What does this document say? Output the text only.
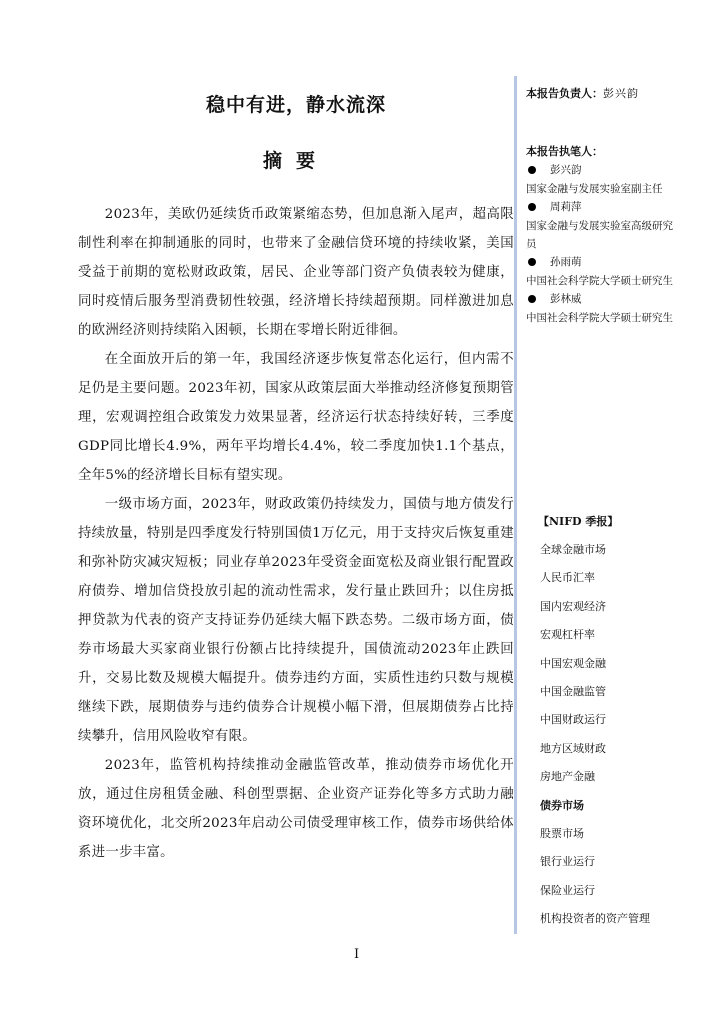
稳中有进，静水流深
摘要

2023年，美欧仍延续货币政策紧缩态势，但加息渐入尾声，超高限制性利率在抑制通胀的同时，也带来了金融信贷环境的持续收紧，美国受益于前期的宽松财政政策，居民、企业等部门资产负债表较为健康，同时疫情后服务型消费韧性较强，经济增长持续超预期。同样激进加息的欧洲经济则持续陷入困顿，长期在零增长附近徘徊。

在全面放开后的第一年，我国经济逐步恢复常态化运行，但内需不足仍是主要问题。2023年初，国家从政策层面大举推动经济修复预期管理，宏观调控组合政策发力效果显著，经济运行状态持续好转，三季度GDP同比增长4.9%，两年平均增长4.4%，较二季度加快1.1个基点，全年5%的经济增长目标有望实现。

一级市场方面，2023年，财政政策仍持续发力，国债与地方债发行持续放量，特别是四季度发行特别国债1万亿元，用于支持灾后恢复重建和弥补防灾减灾短板；同业存单2023年受资金面宽松及商业银行配置政府债券、增加信贷投放引起的流动性需求，发行量止跌回升；以住房抵押贷款为代表的资产支持证券仍延续大幅下跌态势。二级市场方面，债券市场最大买家商业银行份额占比持续提升，国债流动2023年止跌回升，交易比数及规模大幅提升。债券违约方面，实质性违约只数与规模继续下跌，展期债券与违约债券合计规模小幅下滑，但展期债券占比持续攀升，信用风险收窄有限。

2023年，监管机构持续推动金融监管改革，推动债券市场优化开放，通过住房租赁金融、科创型票据、企业资产证券化等多方式助力融资环境优化，北交所2023年启动公司债受理审核工作，债券市场供给体系进一步丰富。

I
本报告负责人：彭兴韵
本报告执笔人：
彭兴韵
国家金融与发展实验室副主任
周莉萍
国家金融与发展实验室高级研究员
孙雨萌
中国社会科学院大学硕士研究生
彭林威
中国社会科学院大学硕士研究生
【NIFD 季报】
全球金融市场
人民币汇率
国内宏观经济
宏观杠杆率
中国宏观金融
中国金融监管
中国财政运行
地方区域财政
房地产金融
债券市场
股票市场
银行业运行
保险业运行
机构投资者的资产管理
